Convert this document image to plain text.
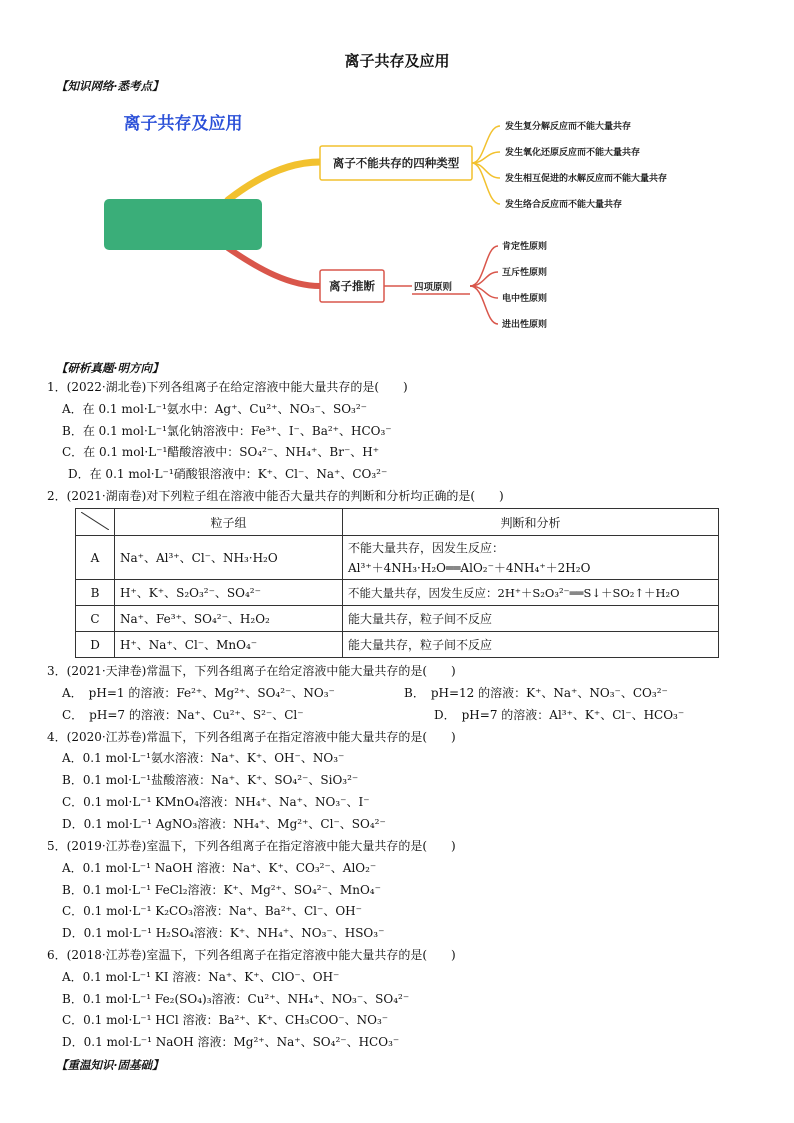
离子共存及应用
【知识网络·悉考点】
离子共存及应用
离子不能共存的四种类型
发生复分解反应而不能大量共存
发生氧化还原反应而不能大量共存
发生相互促进的水解反应而不能大量共存
发生络合反应而不能大量共存
离子推断	四项原则
肯定性原则
互斥性原则
电中性原则
进出性原则
【研析真题·明方向】
1．(2022·湖北卷)下列各组离子在给定溶液中能大量共存的是(　　)
A．在 0.1 mol·L⁻¹氨水中：Ag⁺、Cu²⁺、NO₃⁻、SO₃²⁻
B．在 0.1 mol·L⁻¹氯化钠溶液中：Fe³⁺、I⁻、Ba²⁺、HCO₃⁻
C．在 0.1 mol·L⁻¹醋酸溶液中：SO₄²⁻、NH₄⁺、Br⁻、H⁺
D．在 0.1 mol·L⁻¹硝酸银溶液中：K⁺、Cl⁻、Na⁺、CO₃²⁻
2．(2021·湖南卷)对下列粒子组在溶液中能否大量共存的判断和分析均正确的是(　　)
	粒子组	判断和分析
A	Na⁺、Al³⁺、Cl⁻、NH₃·H₂O	不能大量共存，因发生反应：
Al³⁺＋4NH₃·H₂O══AlO₂⁻＋4NH₄⁺＋2H₂O

B	H⁺、K⁺、S₂O₃²⁻、SO₄²⁻	不能大量共存，因发生反应：2H⁺＋S₂O₃²⁻══S↓＋SO₂↑＋H₂O
C	Na⁺、Fe³⁺、SO₄²⁻、H₂O₂	能大量共存，粒子间不反应
D	H⁺、Na⁺、Cl⁻、MnO₄⁻	能大量共存，粒子间不反应
3．(2021·天津卷)常温下，下列各组离子在给定溶液中能大量共存的是(　　)
A．　pH=1 的溶液：Fe²⁺、Mg²⁺、SO₄²⁻、NO₃⁻	B．　pH=12 的溶液：K⁺、Na⁺、NO₃⁻、CO₃²⁻
C．　pH=7 的溶液：Na⁺、Cu²⁺、S²⁻、Cl⁻	D．　pH=7 的溶液：Al³⁺、K⁺、Cl⁻、HCO₃⁻
4．(2020·江苏卷)常温下，下列各组离子在指定溶液中能大量共存的是(　　)
A．0.1 mol·L⁻¹氨水溶液：Na⁺、K⁺、OH⁻、NO₃⁻
B．0.1 mol·L⁻¹盐酸溶液：Na⁺、K⁺、SO₄²⁻、SiO₃²⁻
C．0.1 mol·L⁻¹ KMnO₄溶液：NH₄⁺、Na⁺、NO₃⁻、I⁻
D．0.1 mol·L⁻¹ AgNO₃溶液：NH₄⁺、Mg²⁺、Cl⁻、SO₄²⁻
5．(2019·江苏卷)室温下，下列各组离子在指定溶液中能大量共存的是(　　)
A．0.1 mol·L⁻¹ NaOH 溶液：Na⁺、K⁺、CO₃²⁻、AlO₂⁻
B．0.1 mol·L⁻¹ FeCl₂溶液：K⁺、Mg²⁺、SO₄²⁻、MnO₄⁻
C．0.1 mol·L⁻¹ K₂CO₃溶液：Na⁺、Ba²⁺、Cl⁻、OH⁻
D．0.1 mol·L⁻¹ H₂SO₄溶液：K⁺、NH₄⁺、NO₃⁻、HSO₃⁻
6．(2018·江苏卷)室温下，下列各组离子在指定溶液中能大量共存的是(　　)
A．0.1 mol·L⁻¹ KI 溶液：Na⁺、K⁺、ClO⁻、OH⁻
B．0.1 mol·L⁻¹ Fe₂(SO₄)₃溶液：Cu²⁺、NH₄⁺、NO₃⁻、SO₄²⁻
C．0.1 mol·L⁻¹ HCl 溶液：Ba²⁺、K⁺、CH₃COO⁻、NO₃⁻
D．0.1 mol·L⁻¹ NaOH 溶液：Mg²⁺、Na⁺、SO₄²⁻、HCO₃⁻
【重温知识·固基础】
